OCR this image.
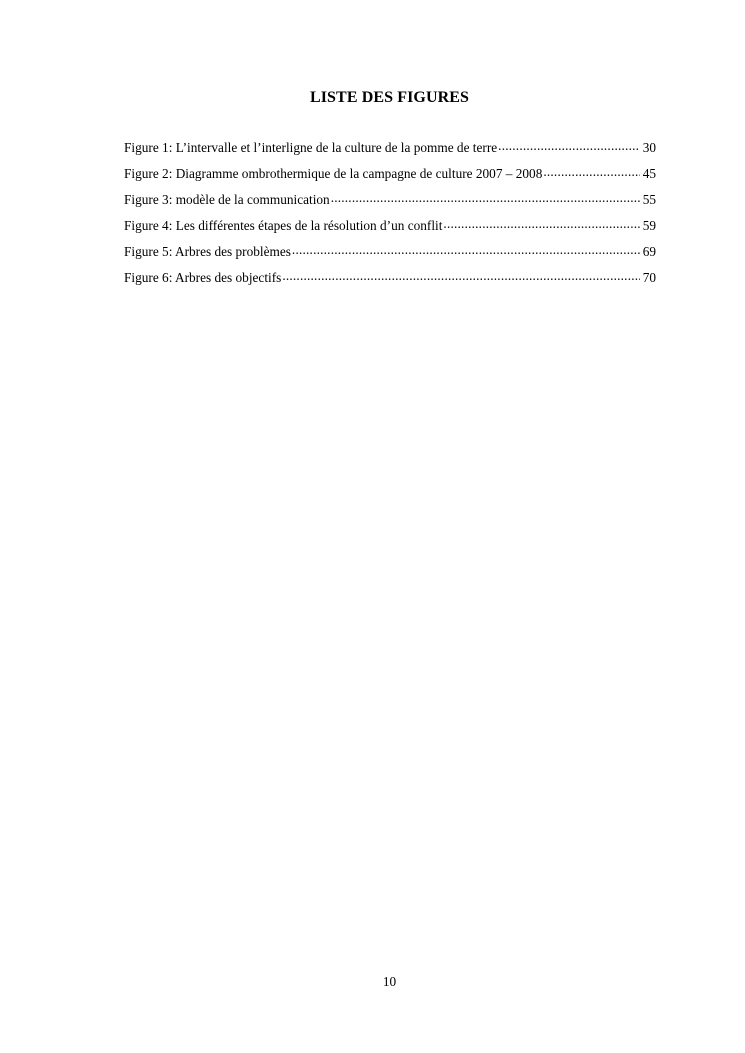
LISTE DES FIGURES
Figure 1: L’intervalle et l’interligne de la culture de la pomme de terre .....	30
Figure 2: Diagramme ombrothermique de la campagne de culture 2007 – 2008 .....	45
Figure 3: modèle de la communication .....	55
Figure 4: Les différentes étapes de la résolution d’un conflit .....	59
Figure 5: Arbres des problèmes .....	69
Figure 6: Arbres des objectifs .....	70
10
